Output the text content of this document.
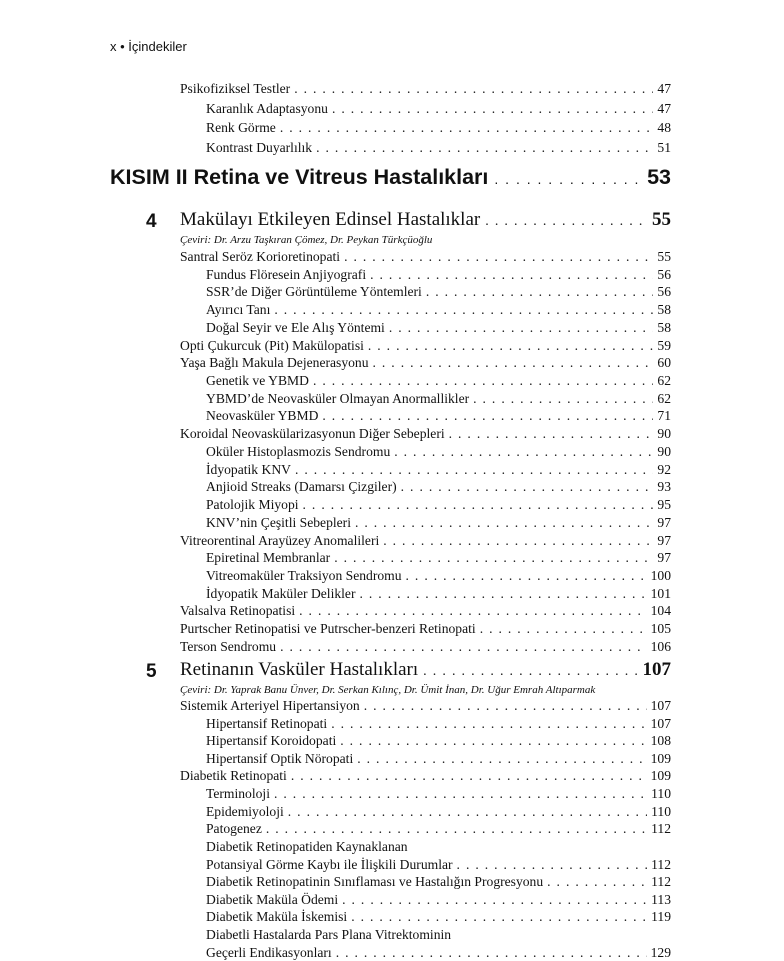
x • İçindekiler
Psikofiziksel Testler . . .	47
Karanlık Adaptasyonu . . .	47
Renk Görme . . .	48
Kontrast Duyarlılık . . .	51
KISIM II Retina ve Vitreus Hastalıkları . . .	53
4 Makülayı Etkileyen Edinsel Hastalıklar . . .	55
Çeviri: Dr. Arzu Taşkıran Çömez, Dr. Peykan Türkçüoğlu
Santral Seröz Korioretinopati . . .	55
Fundus Flöresein Anjiyografi . . .	56
SSR’de Diğer Görüntüleme Yöntemleri . . .	56
Ayırıcı Tanı . . .	58
Doğal Seyir ve Ele Alış Yöntemi . . .	58
Opti Çukurcuk (Pit) Makülopatisi . . .	59
Yaşa Bağlı Makula Dejenerasyonu . . .	60
Genetik ve YBMD . . .	62
YBMD’de Neovasküler Olmayan Anormallikler . . .	62
Neovasküler YBMD . . .	71
Koroidal Neovaskülarizasyonun Diğer Sebepleri . . .	90
Oküler Histoplasmozis Sendromu . . .	90
İdyopatik KNV . . .	92
Anjioid Streaks (Damarsı Çizgiler) . . .	93
Patolojik Miyopi . . .	95
KNV’nin Çeşitli Sebepleri . . .	97
Vitreorentinal Arayüzey Anomalileri . . .	97
Epiretinal Membranlar . . .	97
Vitreomaküler Traksiyon Sendromu . . .	100
İdyopatik Maküler Delikler . . .	101
Valsalva Retinopatisi . . .	104
Purtscher Retinopatisi ve Putrscher-benzeri Retinopati . . .	105
Terson Sendromu . . .	106
5 Retinanın Vasküler Hastalıkları . . .	107
Çeviri: Dr. Yaprak Banu Ünver, Dr. Serkan Kılınç, Dr. Ümit İnan, Dr. Uğur Emrah Altıparmak
Sistemik Arteriyel Hipertansiyon . . .	107
Hipertansif Retinopati . . .	107
Hipertansif Koroidopati . . .	108
Hipertansif Optik Nöropati . . .	109
Diabetik Retinopati . . .	109
Terminoloji . . .	110
Epidemiyoloji . . .	110
Patogenez . . .	112
Diabetik Retinopatiden Kaynaklanan
Potansiyal Görme Kaybı ile İlişkili Durumlar . . .	112
Diabetik Retinopatinin Sınıflaması ve Hastalığın Progresyonu . . .	112
Diabetik Maküla Ödemi . . .	113
Diabetik Maküla İskemisi . . .	119
Diabetli Hastalarda Pars Plana Vitrektominin
Geçerli Endikasyonları . . .	129
